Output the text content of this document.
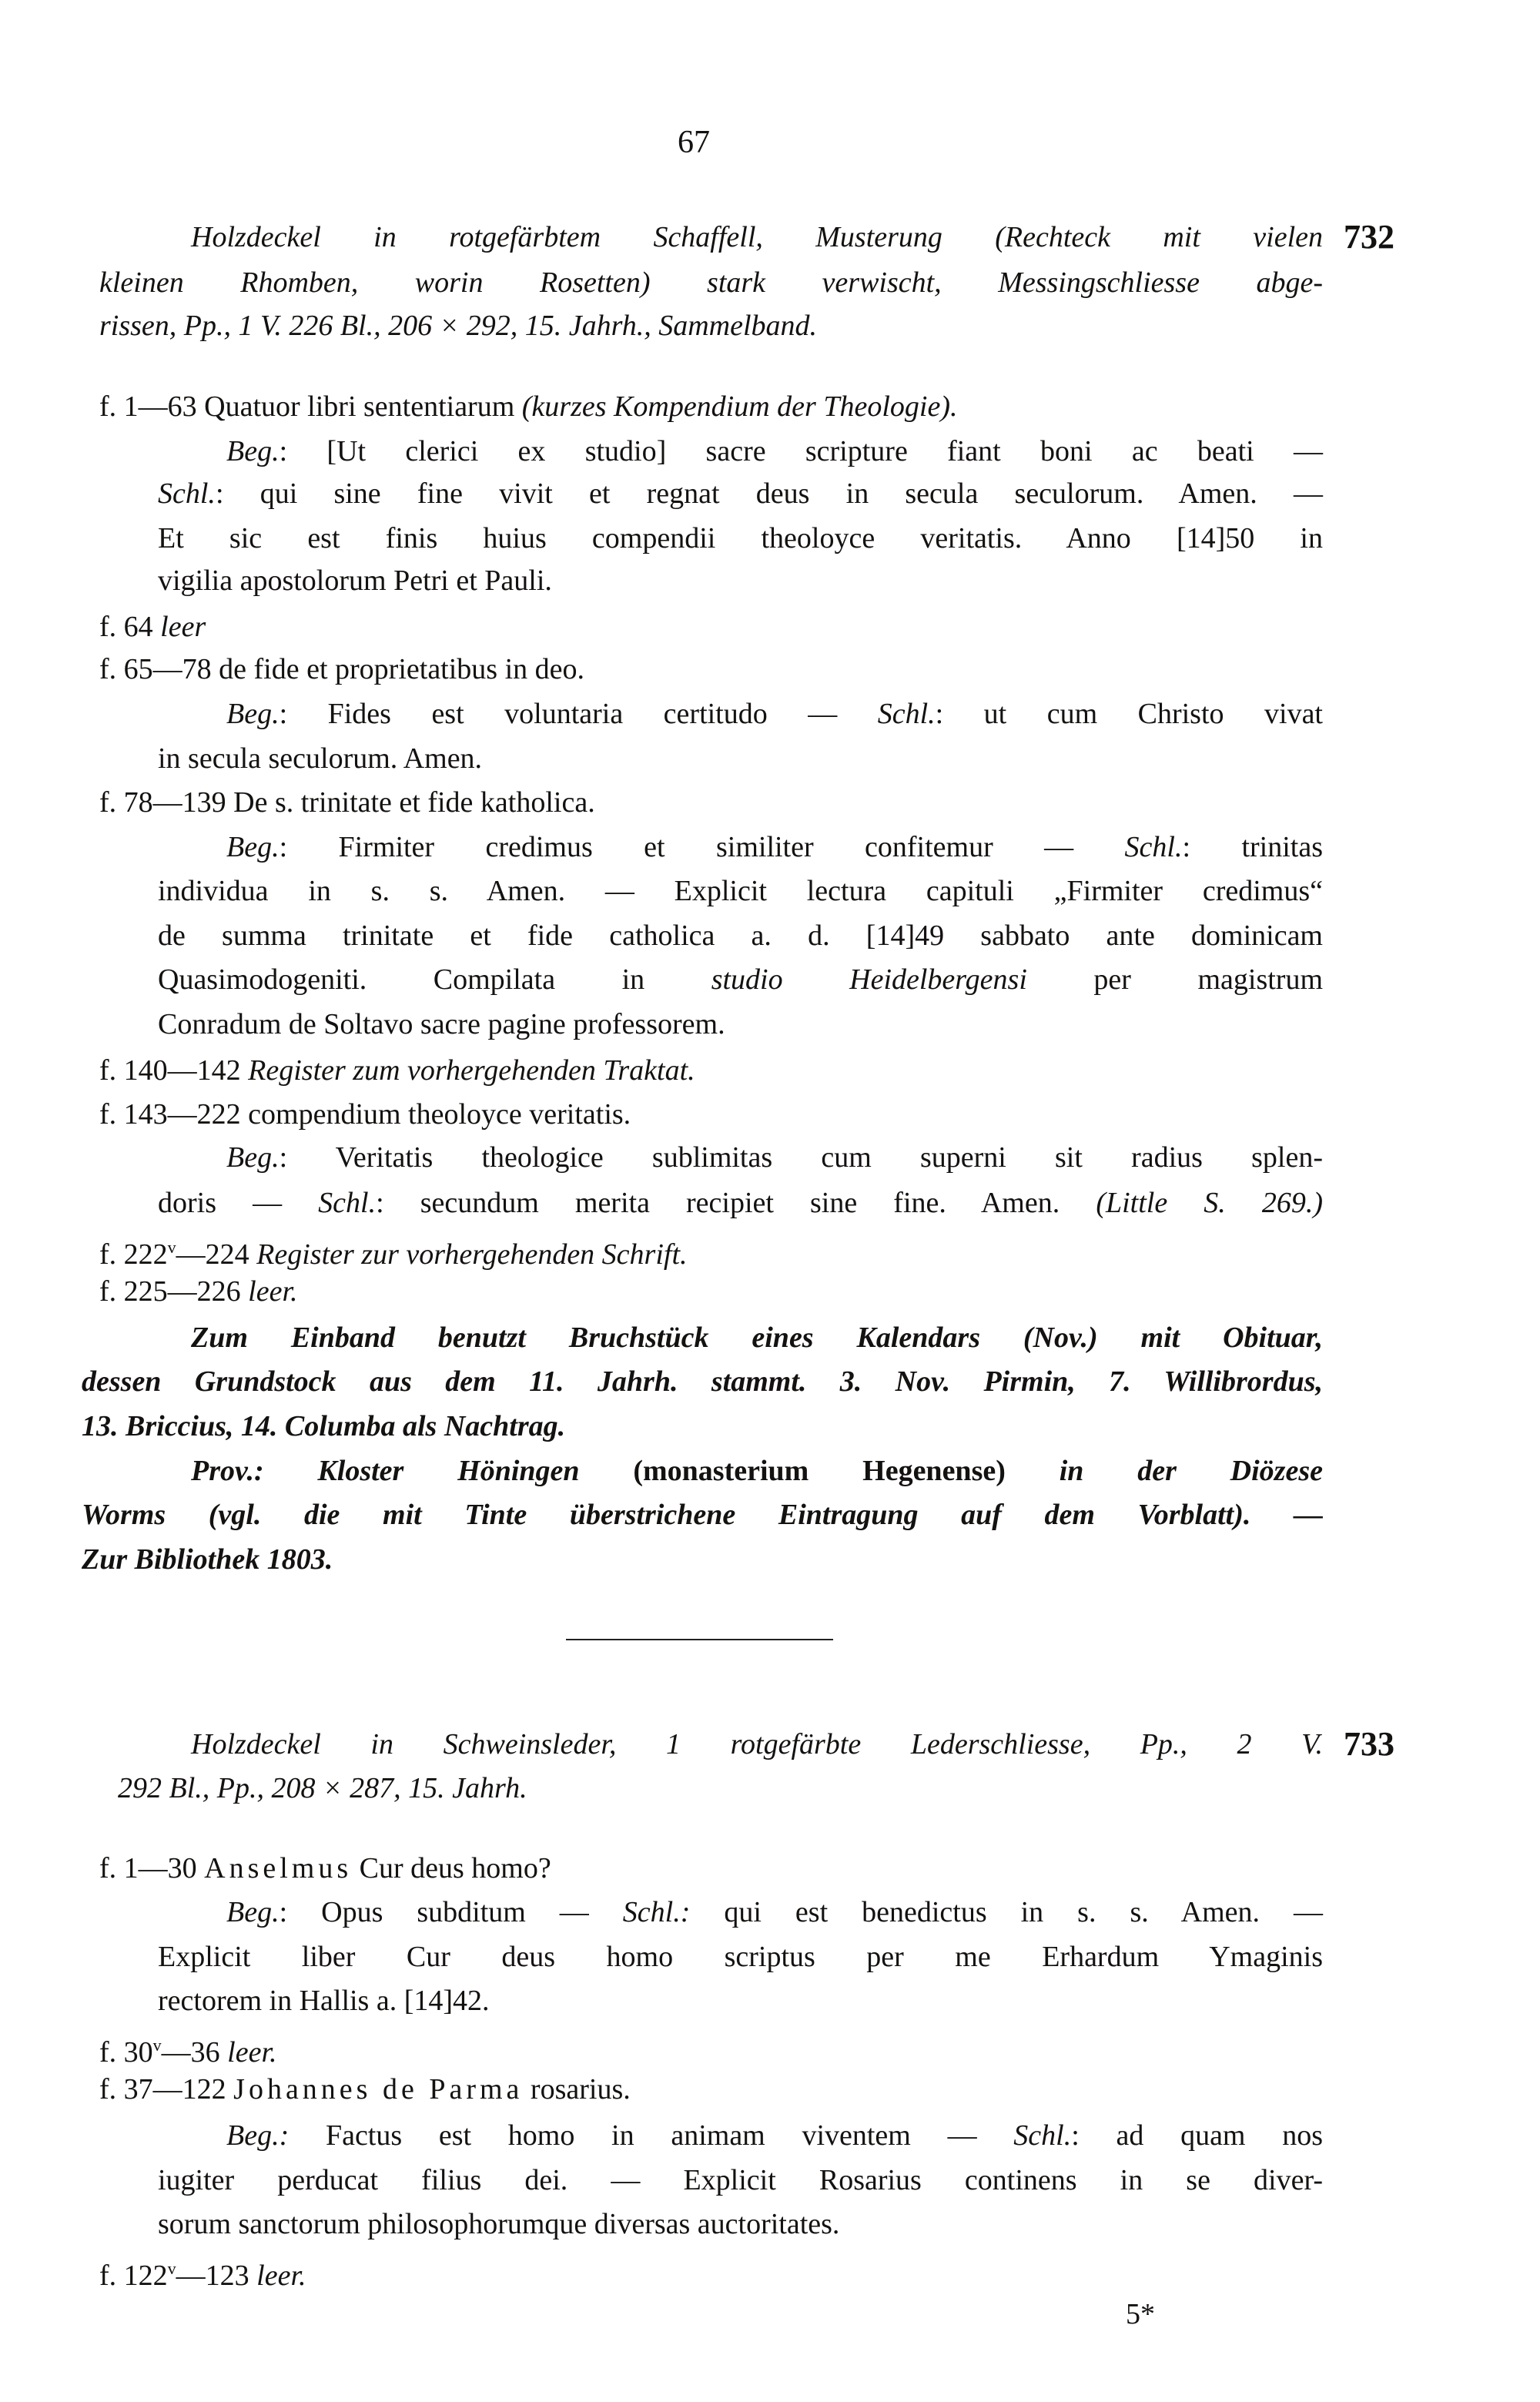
67
732
Holzdeckel in rotgefärbtem Schaffell, Musterung (Rechteck mit vielen
kleinen Rhomben, worin Rosetten) stark verwischt, Messingschliesse abge-
rissen, Pp., 1 V. 226 Bl., 206 × 292, 15. Jahrh., Sammelband.
f. 1—63 Quatuor libri sententiarum (kurzes Kompendium der Theologie).
Beg.: [Ut clerici ex studio] sacre scripture fiant boni ac beati —
Schl.: qui sine fine vivit et regnat deus in secula seculorum. Amen. —
Et sic est finis huius compendii theoloyce veritatis. Anno [14]50 in
vigilia apostolorum Petri et Pauli.
f. 64 leer
f. 65—78 de fide et proprietatibus in deo.
Beg.: Fides est voluntaria certitudo — Schl.: ut cum Christo vivat
in secula seculorum. Amen.
f. 78—139 De s. trinitate et fide katholica.
Beg.: Firmiter credimus et similiter confitemur — Schl.: trinitas
individua in s. s. Amen. — Explicit lectura capituli „Firmiter credimus“
de summa trinitate et fide catholica a. d. [14]49 sabbato ante dominicam
Quasimodogeniti. Compilata in studio Heidelbergensi per magistrum
Conradum de Soltavo sacre pagine professorem.
f. 140—142 Register zum vorhergehenden Traktat.
f. 143—222 compendium theoloyce veritatis.
Beg.: Veritatis theologice sublimitas cum superni sit radius splen-
doris — Schl.: secundum merita recipiet sine fine. Amen. (Little S. 269.)
f. 222$^v$—224 Register zur vorhergehenden Schrift.
f. 225—226 leer.
Zum Einband benutzt Bruchstück eines Kalendars (Nov.) mit Obituar,
dessen Grundstock aus dem 11. Jahrh. stammt. 3. Nov. Pirmin, 7. Willibrordus,
13. Briccius, 14. Columba als Nachtrag.
Prov.: Kloster Höningen (monasterium Hegenense) in der Diözese
Worms (vgl. die mit Tinte überstrichene Eintragung auf dem Vorblatt). —
Zur Bibliothek 1803.
733
Holzdeckel in Schweinsleder, 1 rotgefärbte Lederschliesse, Pp., 2 V.
292 Bl., Pp., 208 × 287, 15. Jahrh.
f. 1—30 Anselmus Cur deus homo?
Beg.: Opus subditum — Schl.: qui est benedictus in s. s. Amen. —
Explicit liber Cur deus homo scriptus per me Erhardum Ymaginis
rectorem in Hallis a. [14]42.
f. 30$^v$—36 leer.
f. 37—122 Johannes de Parma rosarius.
Beg.: Factus est homo in animam viventem — Schl.: ad quam nos
iugiter perducat filius dei. — Explicit Rosarius continens in se diver-
sorum sanctorum philosophorumque diversas auctoritates.
f. 122$^v$—123 leer.
5*
